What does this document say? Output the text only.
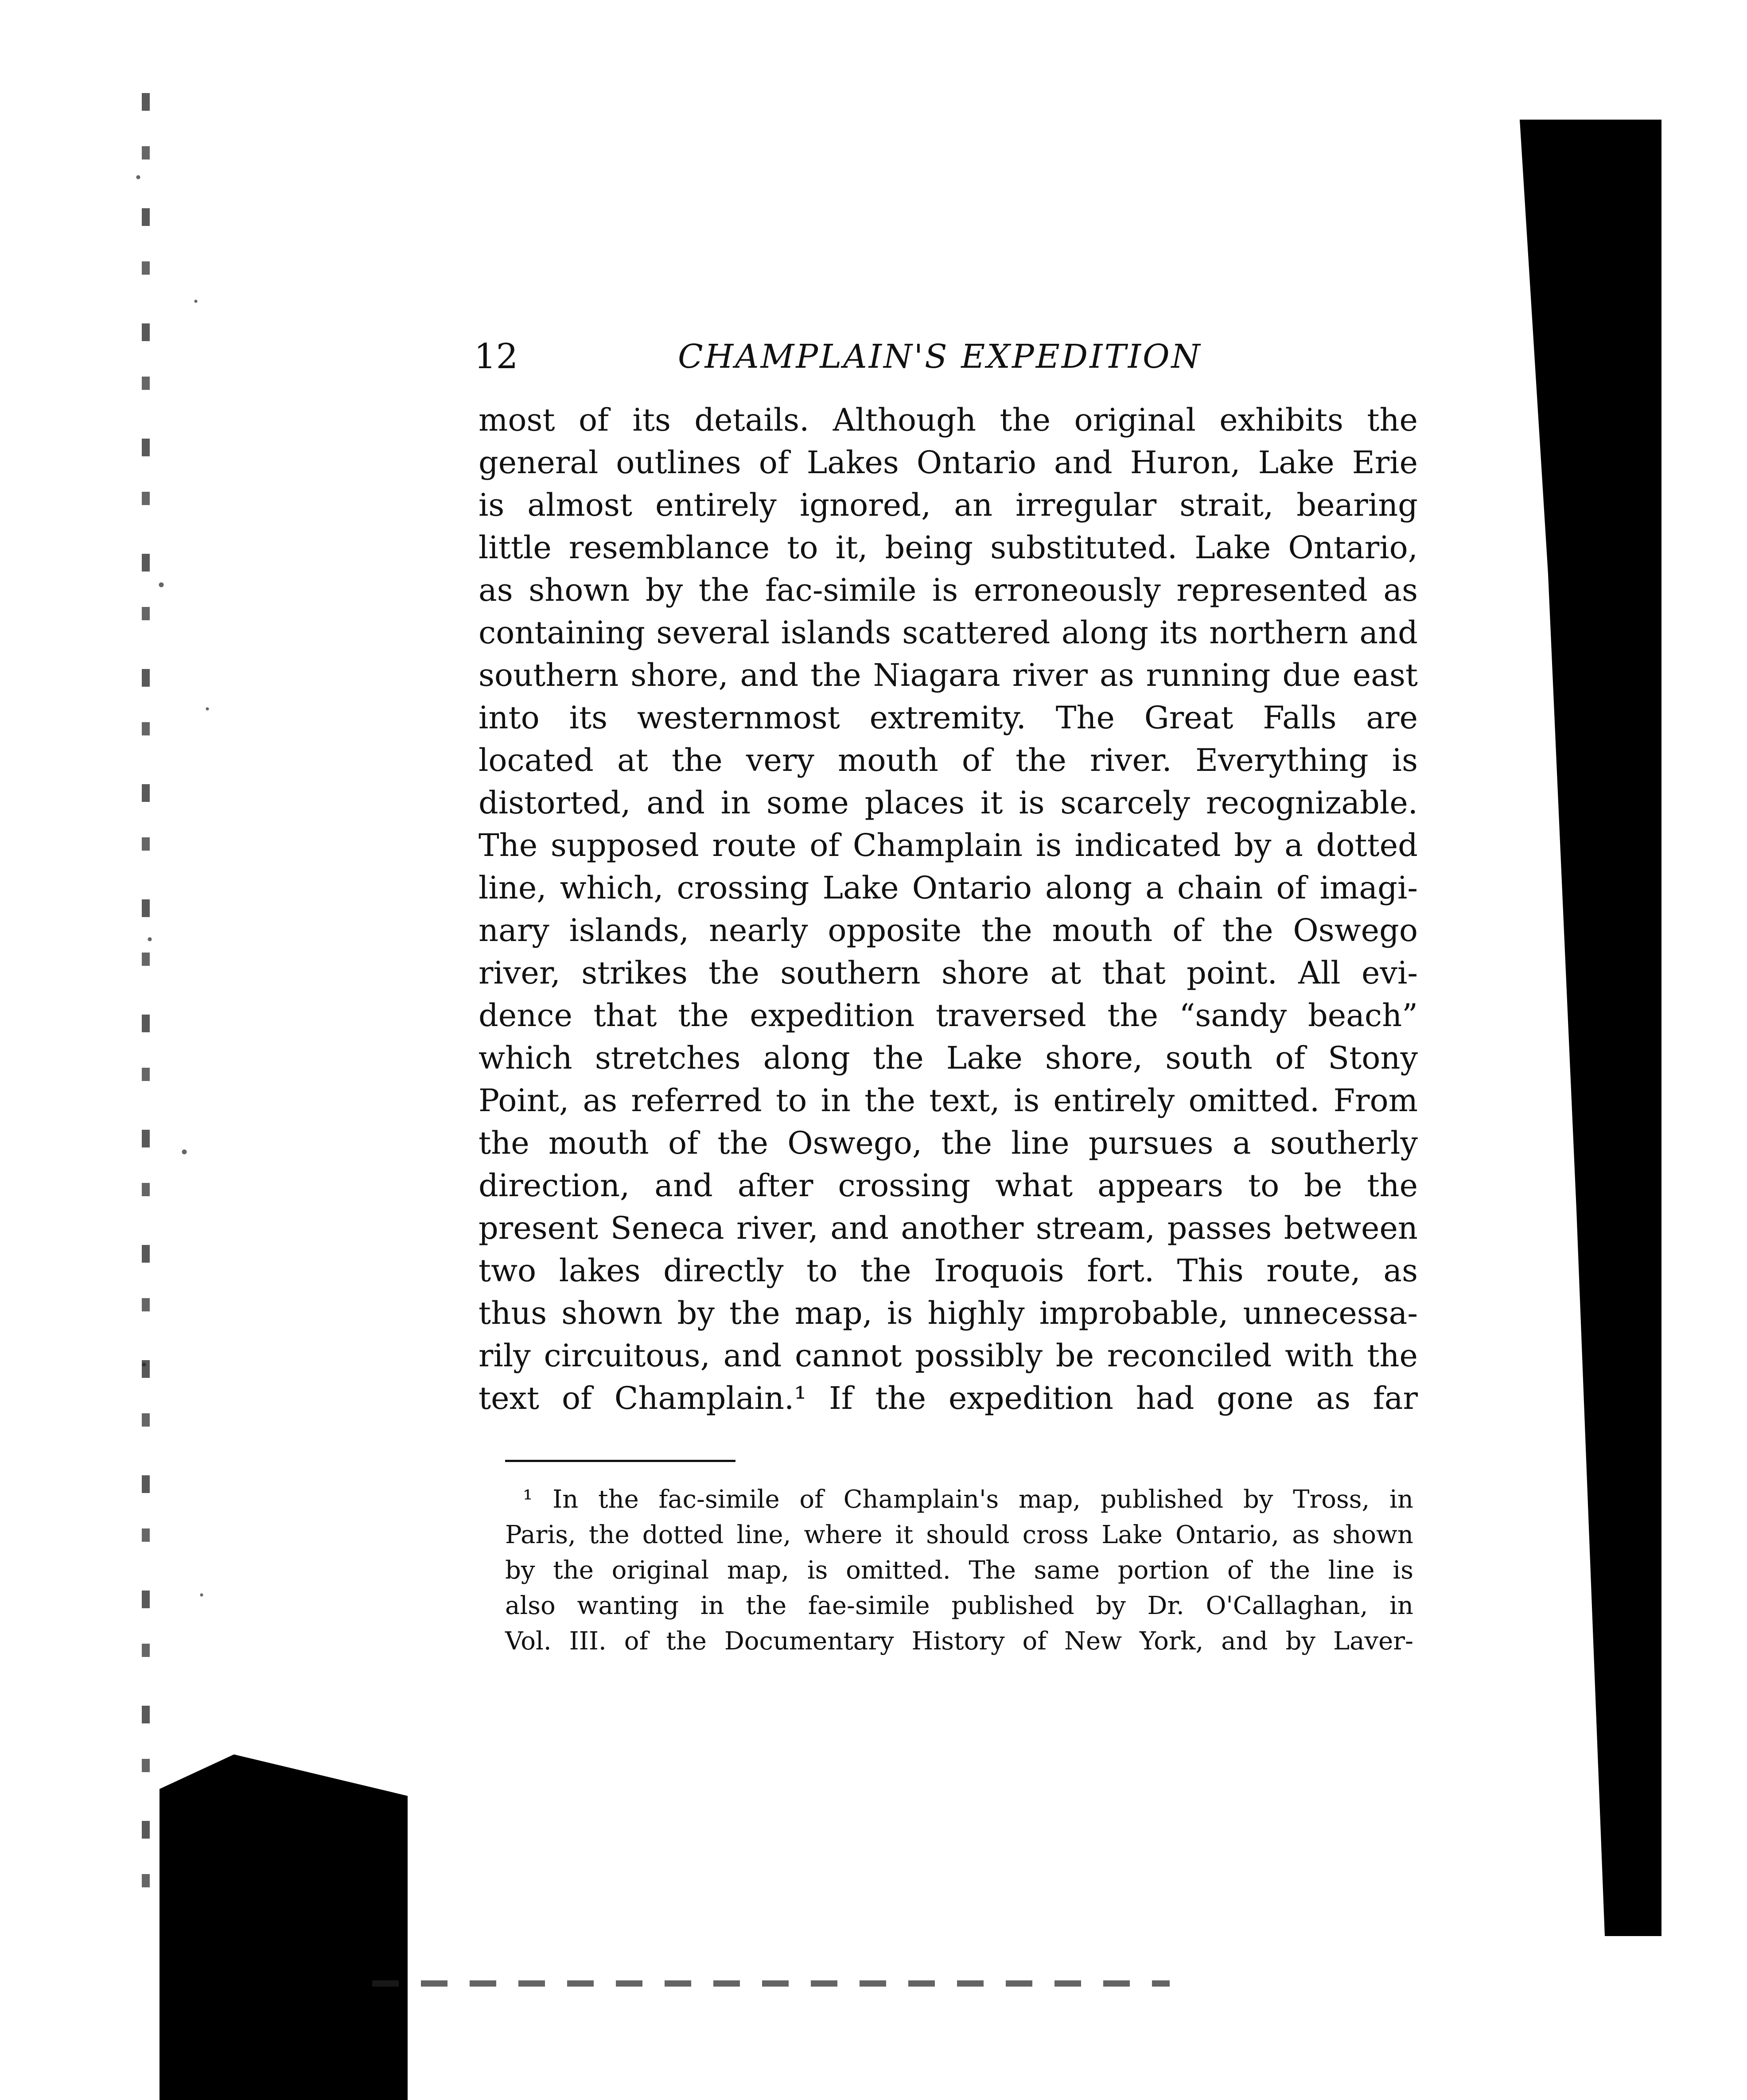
12	CHAMPLAIN'S EXPEDITION
most of its details. Although the original exhibits the
general outlines of Lakes Ontario and Huron, Lake Erie
is almost entirely ignored, an irregular strait, bearing
little resemblance to it, being substituted. Lake Ontario,
as shown by the fac-simile is erroneously represented as
containing several islands scattered along its northern and
southern shore, and the Niagara river as running due east
into its westernmost extremity. The Great Falls are
located at the very mouth of the river. Everything is
distorted, and in some places it is scarcely recognizable.
The supposed route of Champlain is indicated by a dotted
line, which, crossing Lake Ontario along a chain of imagi-
nary islands, nearly opposite the mouth of the Oswego
river, strikes the southern shore at that point. All evi-
dence that the expedition traversed the “sandy beach”
which stretches along the Lake shore, south of Stony
Point, as referred to in the text, is entirely omitted. From
the mouth of the Oswego, the line pursues a southerly
direction, and after crossing what appears to be the
present Seneca river, and another stream, passes between
two lakes directly to the Iroquois fort. This route, as
thus shown by the map, is highly improbable, unnecessa-
rily circuitous, and cannot possibly be reconciled with the
text of Champlain.¹ If the expedition had gone as far
¹ In the fac-simile of Champlain's map, published by Tross, in
Paris, the dotted line, where it should cross Lake Ontario, as shown
by the original map, is omitted. The same portion of the line is
also wanting in the fae-simile published by Dr. O'Callaghan, in
Vol. III. of the Documentary History of New York, and by Laver-
